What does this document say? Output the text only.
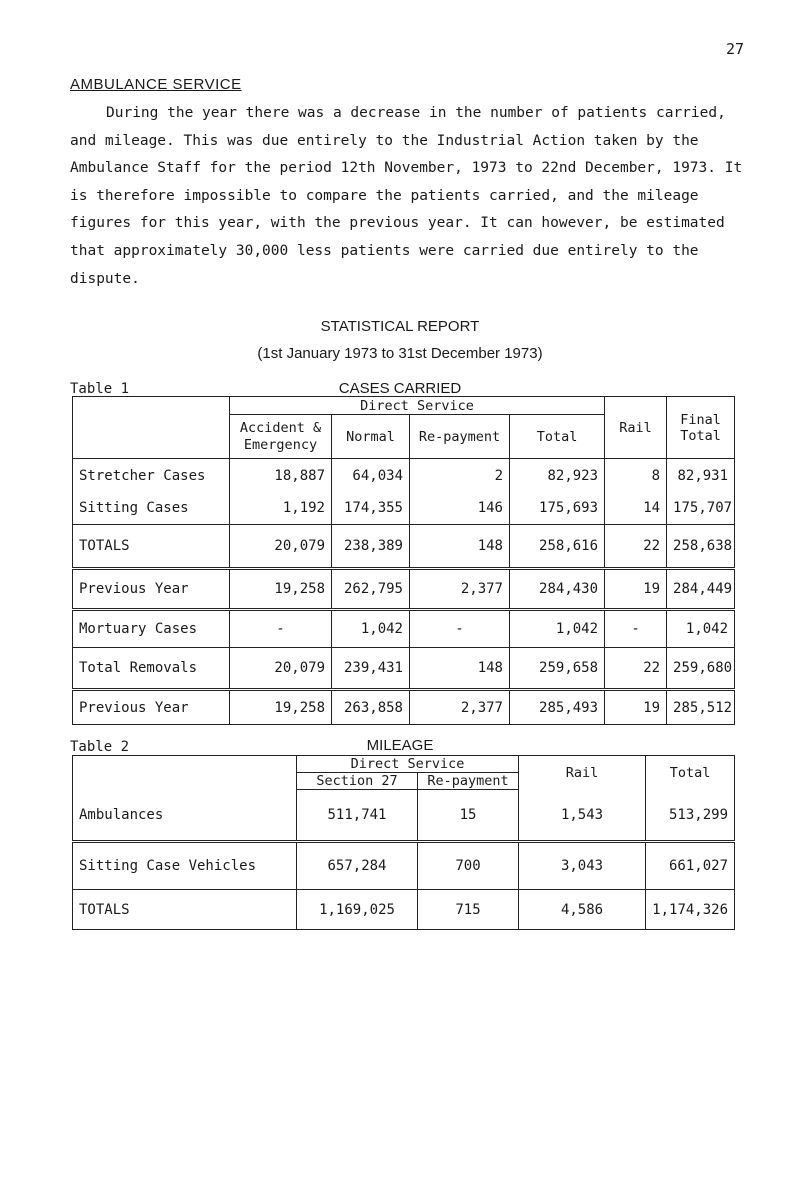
27
AMBULANCE SERVICE

During the year there was a decrease in the number of patients carried, and mileage. This was due entirely to the Industrial Action taken by the Ambulance Staff for the period 12th November, 1973 to 22nd December, 1973. It is therefore impossible to compare the patients carried, and the mileage figures for this year, with the previous year. It can however, be estimated that approximately 30,000 less patients were carried due entirely to the dispute.

STATISTICAL REPORT
(1st January 1973 to 31st December 1973)
Table 1	CASES CARRIED
	Direct Service				Rail	Final Total
	Accident & Emergency	Normal	Re-payment	Total		
Stretcher Cases	18,887	64,034	2	82,923	8	82,931
Sitting Cases	1,192	174,355	146	175,693	14	175,707
TOTALS	20,079	238,389	148	258,616	22	258,638
Previous Year	19,258	262,795	2,377	284,430	19	284,449
Mortuary Cases	-	1,042	-	1,042	-	1,042
Total Removals	20,079	239,431	148	259,658	22	259,680
Previous Year	19,258	263,858	2,377	285,493	19	285,512
Table 2	MILEAGE
	Direct Service		Rail	Total
	Section 27	Re-payment		
Ambulances	511,741	15	1,543	513,299
Sitting Case Vehicles	657,284	700	3,043	661,027
TOTALS	1,169,025	715	4,586	1,174,326
